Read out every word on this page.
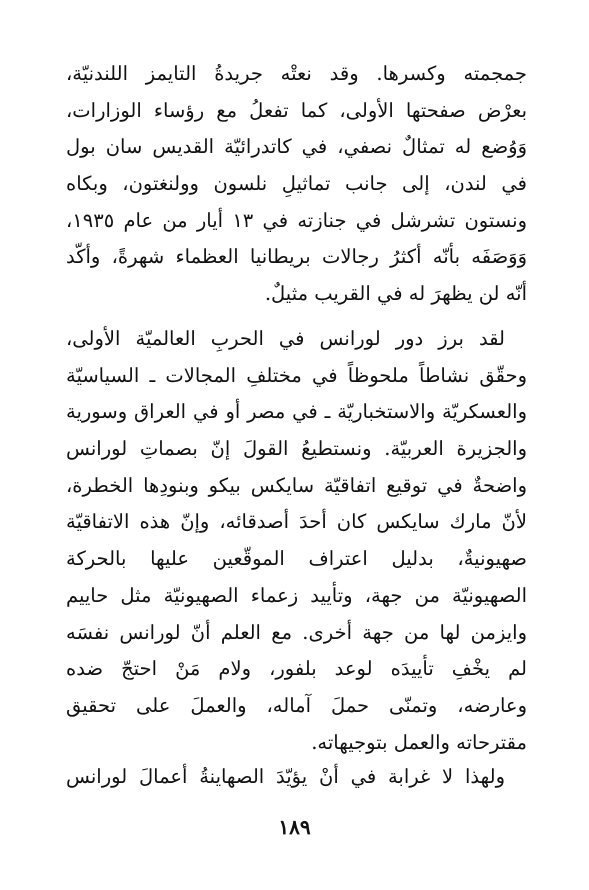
جمجمته وكسرها. وقد نعتْه جريدةُ التايمز اللندنيّة،
بعرْض صفحتها الأولى، كما تفعلُ مع رؤساء الوزارات،
وَوُضع له تمثالٌ نصفي، في كاتدرائيّة القديس سان بول
في لندن، إلى جانب تماثيلِ نلسون وولنغتون، وبكاه
ونستون تشرشل في جنازته في ١٣ أيار من عام ١٩٣٥،
وَوَصَفَه بأنّه أكثرُ رجالات بريطانيا العظماء شهرةً، وأكّد
أنّه لن يظهرَ له في القريب مثيلٌ.
لقد برز دور لورانس في الحربِ العالميّة الأولى،
وحقّق نشاطاً ملحوظاً في مختلفِ المجالات ـ السياسيّة
والعسكريّة والاستخباريّة ـ في مصر أو في العراق وسورية
والجزيرة العربيّة. ونستطيعُ القولَ إنّ بصماتِ لورانس
واضحةٌ في توقيع اتفاقيّة سايكس بيكو وبنودِها الخطرة،
لأنّ مارك سايكس كان أحدَ أصدقائه، وإنّ هذه الاتفاقيّة
صهيونيةٌ، بدليل اعتراف الموقّعين عليها بالحركة
الصهيونيّة من جهة، وتأييد زعماء الصهيونيّة مثل حاييم
وايزمن لها من جهة أخرى. مع العلم أنّ لورانس نفسَه
لم يخْفِ تأييدَه لوعد بلفور، ولام مَنْ احتجّ ضده
وعارضه، وتمنّى حملَ آماله، والعملَ على تحقيق
مقترحاته والعمل بتوجيهاته.
ولهذا لا غرابة في أنْ يؤيّدَ الصهاينةُ أعمالَ لورانس
١٨٩
